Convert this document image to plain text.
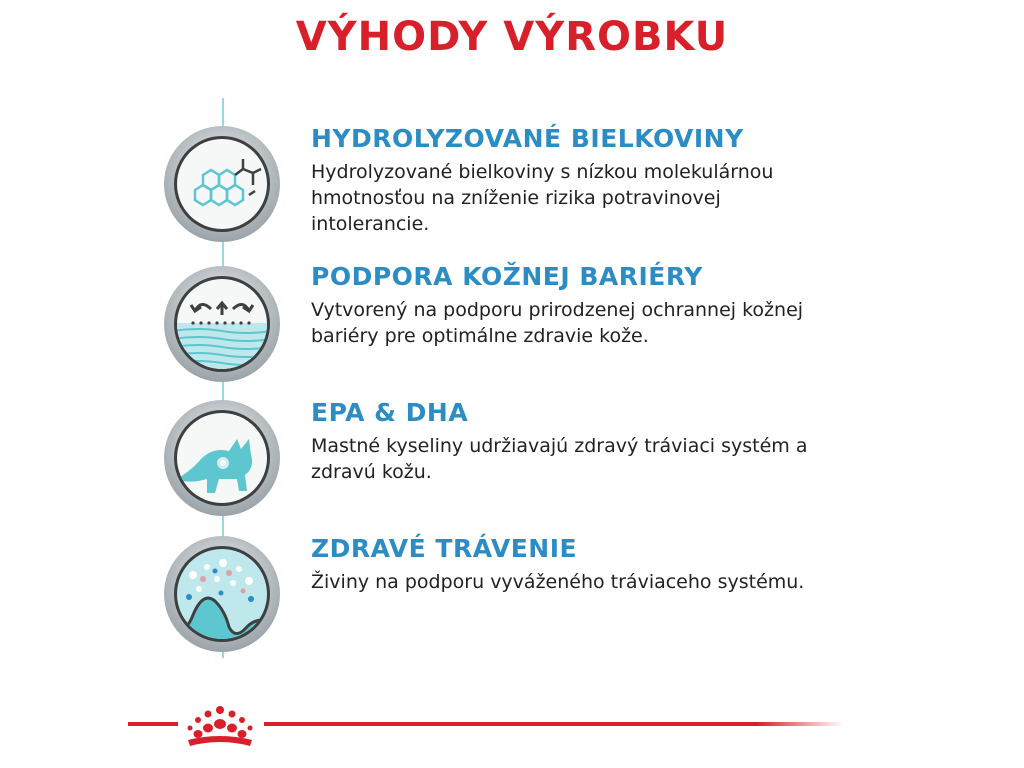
VÝHODY VÝROBKU
HYDROLYZOVANÉ BIELKOVINY
Hydrolyzované bielkoviny s nízkou molekulárnou
hmotnosťou na zníženie rizika potravinovej
intolerancie.
PODPORA KOŽNEJ BARIÉRY
Vytvorený na podporu prirodzenej ochrannej kožnej
bariéry pre optimálne zdravie kože.
EPA & DHA
Mastné kyseliny udržiavajú zdravý tráviaci systém a
zdravú kožu.
ZDRAVÉ TRÁVENIE
Živiny na podporu vyváženého tráviaceho systému.
